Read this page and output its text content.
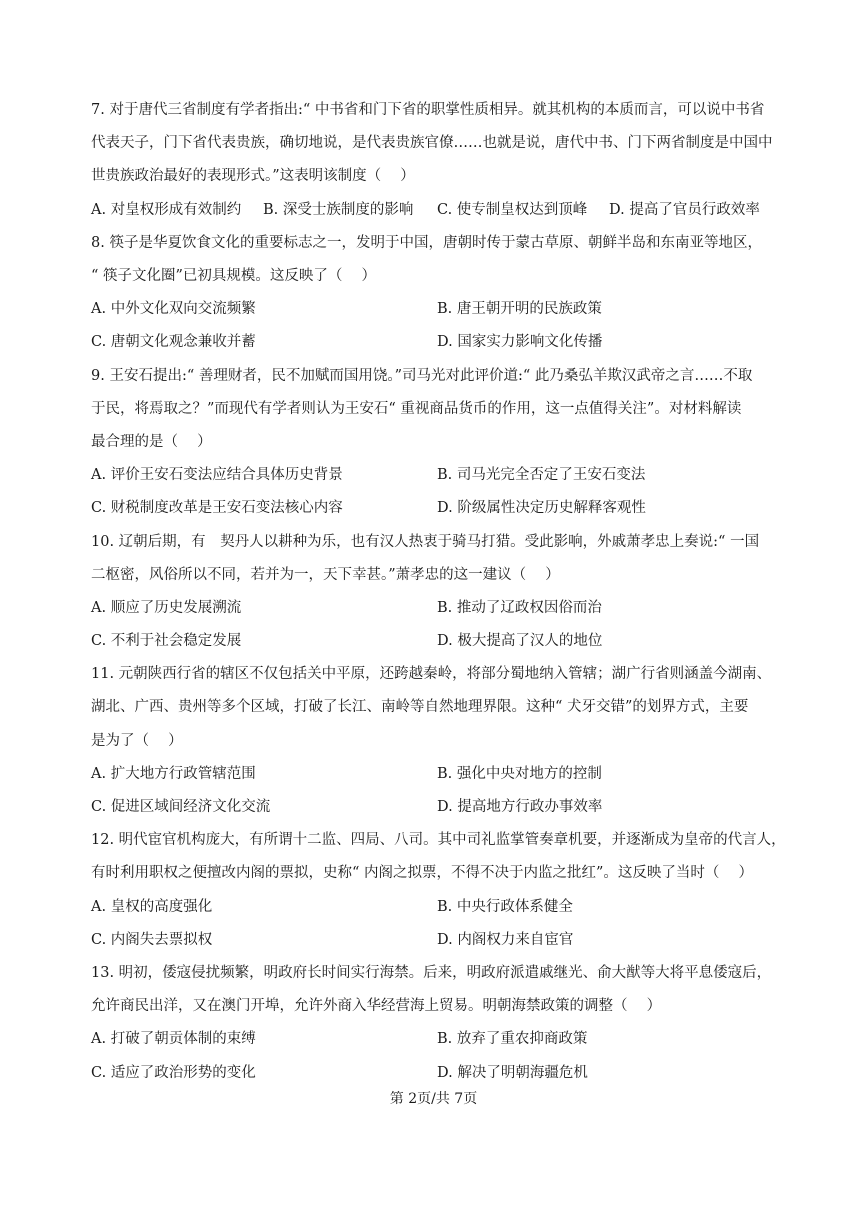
7. 对于唐代三省制度有学者指出:“ 中书省和门下省的职掌性质相异。就其机构的本质而言，可以说中书省
代表天子，门下省代表贵族，确切地说，是代表贵族官僚……也就是说，唐代中书、门下两省制度是中国中
世贵族政治最好的表现形式。”这表明该制度（　 ）
A. 对皇权形成有效制约 B. 深受士族制度的影响 C. 使专制皇权达到顶峰 D. 提高了官员行政效率
8. 筷子是华夏饮食文化的重要标志之一，发明于中国，唐朝时传于蒙古草原、朝鲜半岛和东南亚等地区，
“ 筷子文化圈”已初具规模。这反映了（　 ）
A. 中外文化双向交流频繁	B. 唐王朝开明的民族政策
C. 唐朝文化观念兼收并蓄	D. 国家实力影响文化传播
9. 王安石提出:“ 善理财者，民不加赋而国用饶。”司马光对此评价道:“ 此乃桑弘羊欺汉武帝之言……不取
于民，将焉取之？”而现代有学者则认为王安石“ 重视商品货币的作用，这一点值得关注”。对材料解读
最合理的是（　 ）
A. 评价王安石变法应结合具体历史背景	B. 司马光完全否定了王安石变法
C. 财税制度改革是王安石变法核心内容	D. 阶级属性决定历史解释客观性
10. 辽朝后期，有　契丹人以耕种为乐，也有汉人热衷于骑马打猎。受此影响，外戚萧孝忠上奏说:“ 一国
二枢密，风俗所以不同，若并为一，天下幸甚。”萧孝忠的这一建议（　 ）
A. 顺应了历史发展溯流	B. 推动了辽政权因俗而治
C. 不利于社会稳定发展	D. 极大提高了汉人的地位
11. 元朝陕西行省的辖区不仅包括关中平原，还跨越秦岭，将部分蜀地纳入管辖；湖广行省则涵盖今湖南、
湖北、广西、贵州等多个区域，打破了长江、南岭等自然地理界限。这种“ 犬牙交错”的划界方式，主要
是为了（　 ）
A. 扩大地方行政管辖范围	B. 强化中央对地方的控制
C. 促进区域间经济文化交流	D. 提高地方行政办事效率
12. 明代宦官机构庞大，有所谓十二监、四局、八司。其中司礼监掌管奏章机要，并逐渐成为皇帝的代言人，
有时利用职权之便擅改内阁的票拟，史称“ 内阁之拟票，不得不决于内监之批红”。这反映了当时（　 ）
A. 皇权的高度强化	B. 中央行政体系健全
C. 内阁失去票拟权	D. 内阁权力来自宦官
13. 明初，倭寇侵扰频繁，明政府长时间实行海禁。后来，明政府派遣戚继光、俞大猷等大将平息倭寇后，
允许商民出洋，又在澳门开埠，允许外商入华经营海上贸易。明朝海禁政策的调整（　 ）
A. 打破了朝贡体制的束缚	B. 放弃了重农抑商政策
C. 适应了政治形势的变化	D. 解决了明朝海疆危机
第 2页/共 7页
